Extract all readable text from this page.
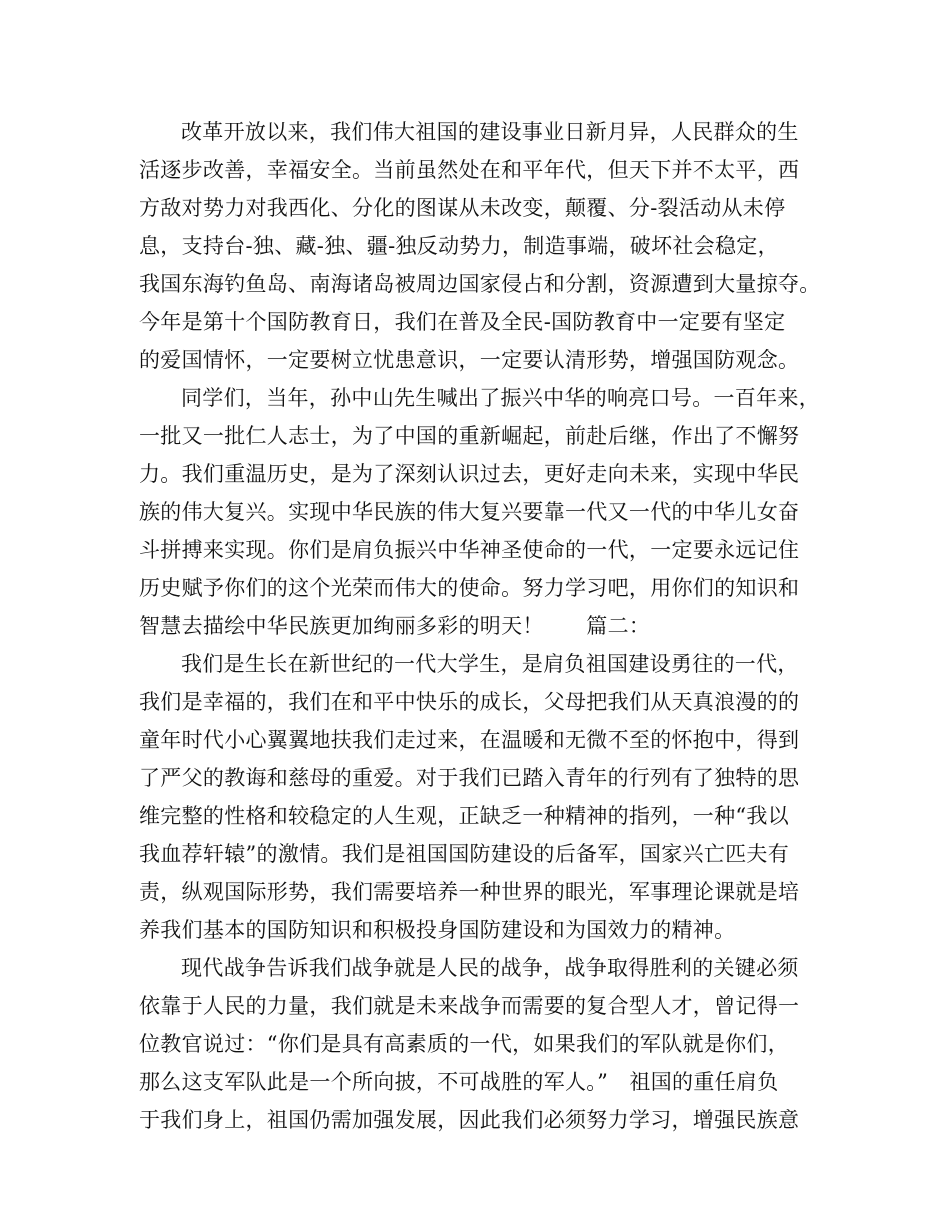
改革开放以来，我们伟大祖国的建设事业日新月异，人民群众的生
活逐步改善，幸福安全。当前虽然处在和平年代，但天下并不太平，西
方敌对势力对我西化、分化的图谋从未改变，颠覆、分-裂活动从未停
息，支持台-独、藏-独、疆-独反动势力，制造事端，破坏社会稳定，
我国东海钓鱼岛、南海诸岛被周边国家侵占和分割，资源遭到大量掠夺。
今年是第十个国防教育日，我们在普及全民-国防教育中一定要有坚定
的爱国情怀，一定要树立忧患意识，一定要认清形势，增强国防观念。
同学们，当年，孙中山先生喊出了振兴中华的响亮口号。一百年来，
一批又一批仁人志士，为了中国的重新崛起，前赴后继，作出了不懈努
力。我们重温历史，是为了深刻认识过去，更好走向未来，实现中华民
族的伟大复兴。实现中华民族的伟大复兴要靠一代又一代的中华儿女奋
斗拼搏来实现。你们是肩负振兴中华神圣使命的一代，一定要永远记住
历史赋予你们的这个光荣而伟大的使命。努力学习吧，用你们的知识和
智慧去描绘中华民族更加绚丽多彩的明天！　　篇二：
我们是生长在新世纪的一代大学生，是肩负祖国建设勇往的一代，
我们是幸福的，我们在和平中快乐的成长，父母把我们从天真浪漫的的
童年时代小心翼翼地扶我们走过来，在温暖和无微不至的怀抱中，得到
了严父的教诲和慈母的重爱。对于我们已踏入青年的行列有了独特的思
维完整的性格和较稳定的人生观，正缺乏一种精神的指列，一种“我以
我血荐轩辕”的激情。我们是祖国国防建设的后备军，国家兴亡匹夫有
责，纵观国际形势，我们需要培养一种世界的眼光，军事理论课就是培
养我们基本的国防知识和积极投身国防建设和为国效力的精神。
现代战争告诉我们战争就是人民的战争，战争取得胜利的关键必须
依靠于人民的力量，我们就是未来战争而需要的复合型人才，曾记得一
位教官说过：“你们是具有高素质的一代，如果我们的军队就是你们，
那么这支军队此是一个所向披，不可战胜的军人。”　祖国的重任肩负
于我们身上，祖国仍需加强发展，因此我们必须努力学习，增强民族意
